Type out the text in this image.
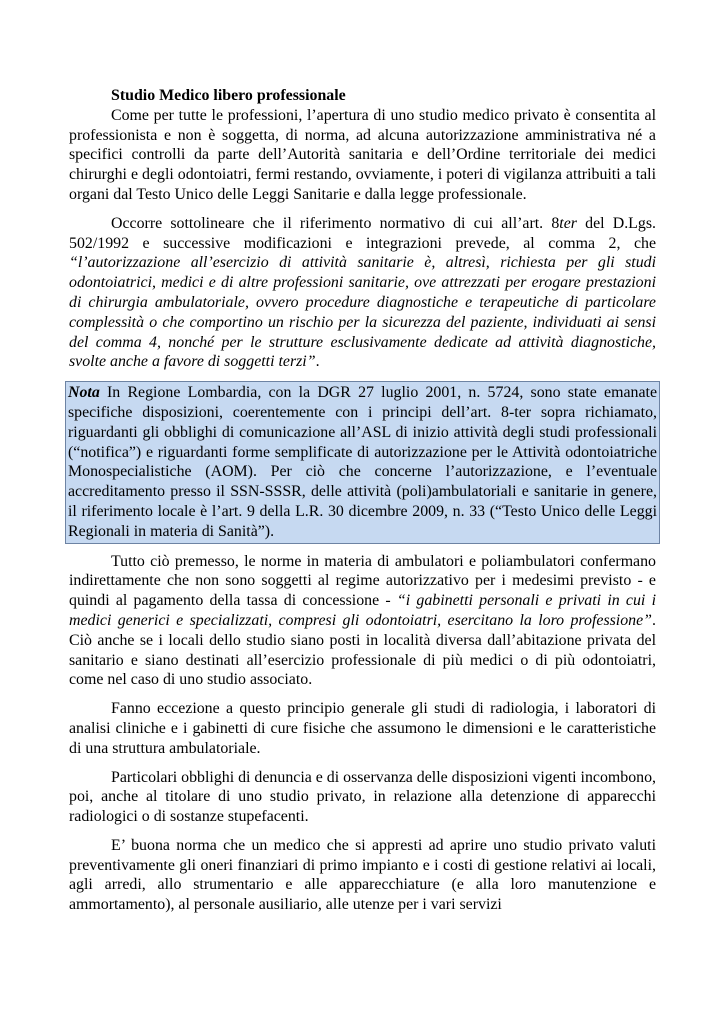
Studio Medico libero professionale

Come per tutte le professioni, l’apertura di uno studio medico privato è consentita al professionista e non è soggetta, di norma, ad alcuna autorizzazione amministrativa né a specifici controlli da parte dell’Autorità sanitaria e dell’Ordine territoriale dei medici chirurghi e degli odontoiatri, fermi restando, ovviamente, i poteri di vigilanza attribuiti a tali organi dal Testo Unico delle Leggi Sanitarie e dalla legge professionale.

Occorre sottolineare che il riferimento normativo di cui all’art. 8ter del D.Lgs. 502/1992 e successive modificazioni e integrazioni prevede, al comma 2, che “l’autorizzazione all’esercizio di attività sanitarie è, altresì, richiesta per gli studi odontoiatrici, medici e di altre professioni sanitarie, ove attrezzati per erogare prestazioni di chirurgia ambulatoriale, ovvero procedure diagnostiche e terapeutiche di particolare complessità o che comportino un rischio per la sicurezza del paziente, individuati ai sensi del comma 4, nonché per le strutture esclusivamente dedicate ad attività diagnostiche, svolte anche a favore di soggetti terzi”.

Nota In Regione Lombardia, con la DGR 27 luglio 2001, n. 5724, sono state emanate specifiche disposizioni, coerentemente con i principi dell’art. 8-ter sopra richiamato, riguardanti gli obblighi di comunicazione all’ASL di inizio attività degli studi professionali (“notifica”) e riguardanti forme semplificate di autorizzazione per le Attività odontoiatriche Monospecialistiche (AOM). Per ciò che concerne l’autorizzazione, e l’eventuale accreditamento presso il SSN-SSSR, delle attività (poli)ambulatoriali e sanitarie in genere, il riferimento locale è l’art. 9 della L.R. 30 dicembre 2009, n. 33 (“Testo Unico delle Leggi Regionali in materia di Sanità”).

Tutto ciò premesso, le norme in materia di ambulatori e poliambulatori confermano indirettamente che non sono soggetti al regime autorizzativo per i medesimi previsto - e quindi al pagamento della tassa di concessione - “i gabinetti personali e privati in cui i medici generici e specializzati, compresi gli odontoiatri, esercitano la loro professione”. Ciò anche se i locali dello studio siano posti in località diversa dall’abitazione privata del sanitario e siano destinati all’esercizio professionale di più medici o di più odontoiatri, come nel caso di uno studio associato.

Fanno eccezione a questo principio generale gli studi di radiologia, i laboratori di analisi cliniche e i gabinetti di cure fisiche che assumono le dimensioni e le caratteristiche di una struttura ambulatoriale.

Particolari obblighi di denuncia e di osservanza delle disposizioni vigenti incombono, poi, anche al titolare di uno studio privato, in relazione alla detenzione di apparecchi radiologici o di sostanze stupefacenti.

E’ buona norma che un medico che si appresti ad aprire uno studio privato valuti preventivamente gli oneri finanziari di primo impianto e i costi di gestione relativi ai locali, agli arredi, allo strumentario e alle apparecchiature (e alla loro manutenzione e ammortamento), al personale ausiliario, alle utenze per i vari servizi
